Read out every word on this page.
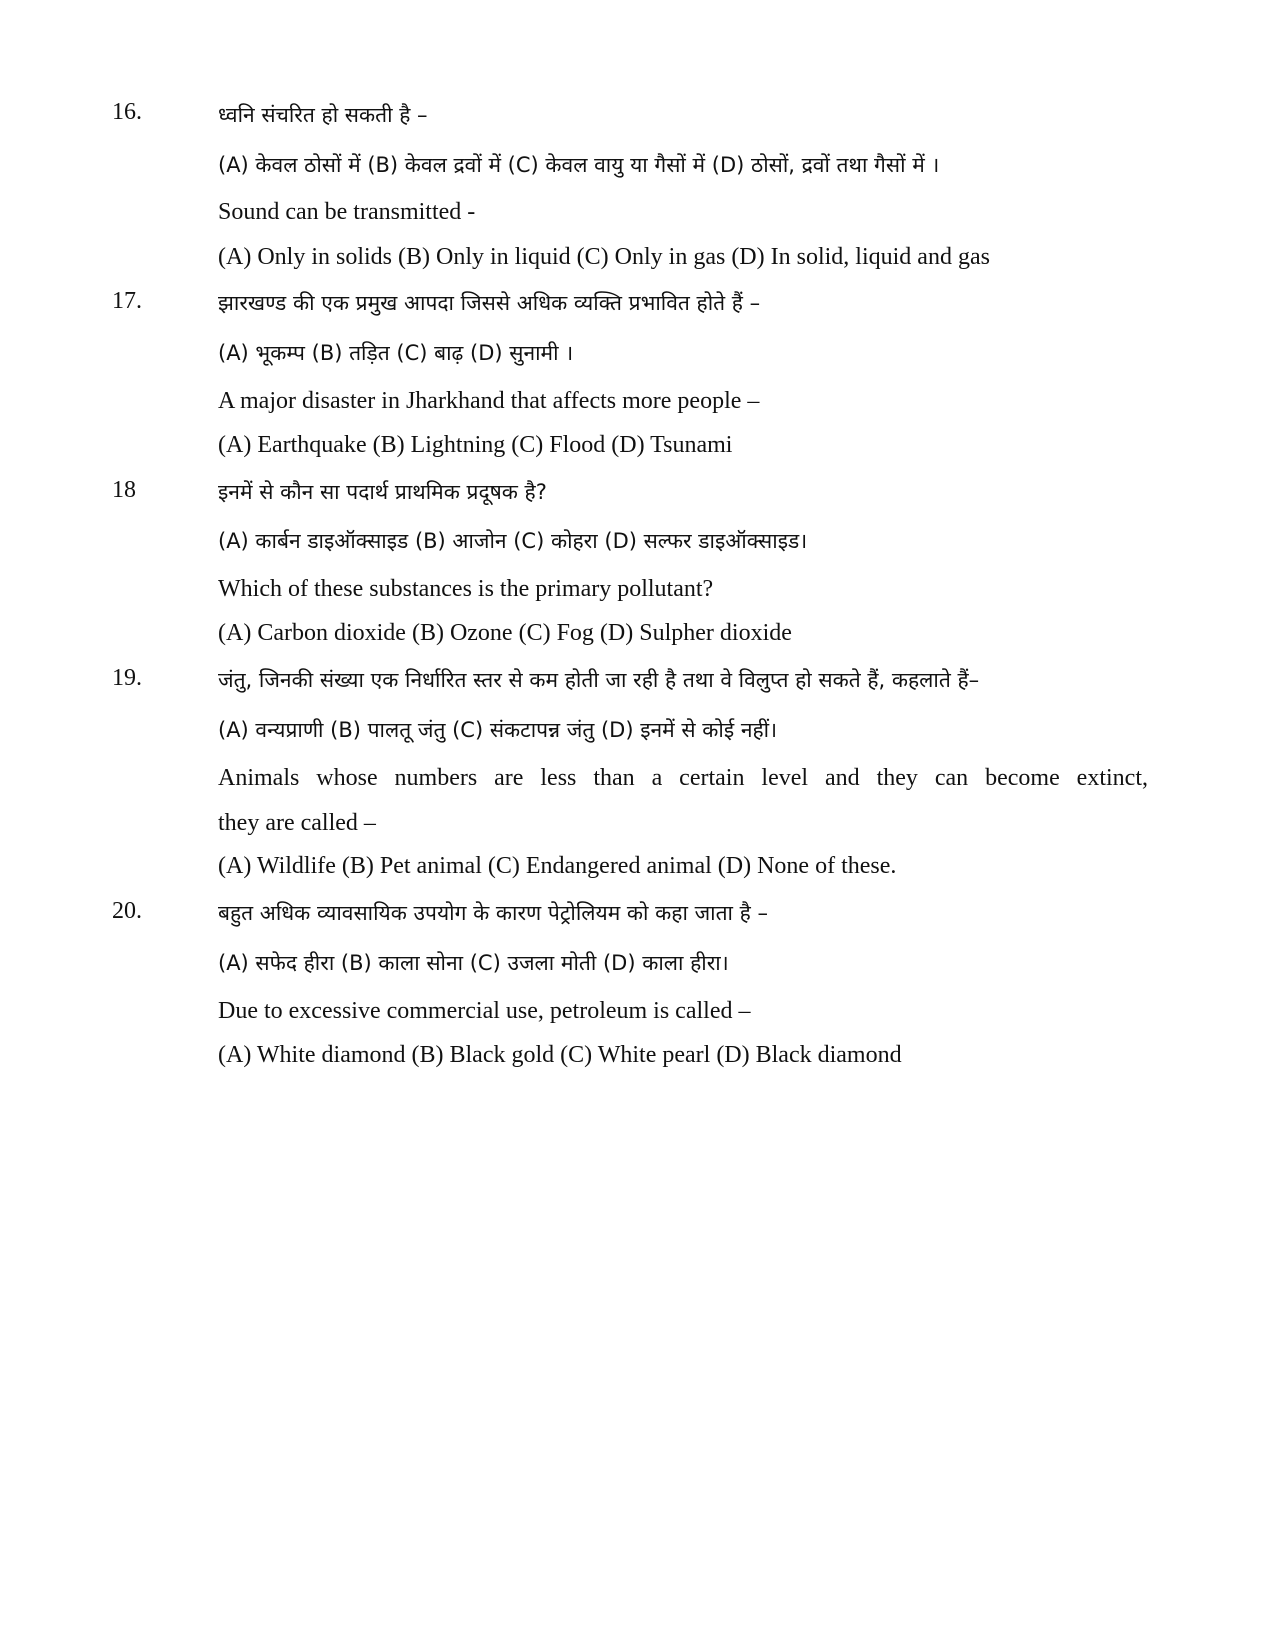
16.	ध्वनि संचरित हो सकती है –
(A) केवल ठोसों में (B) केवल द्रवों में (C) केवल वायु या गैसों में (D) ठोसों, द्रवों तथा गैसों में ।
Sound can be transmitted -
(A) Only in solids (B) Only in liquid (C) Only in gas (D) In solid, liquid and gas
17.	झारखण्ड की एक प्रमुख आपदा जिससे अधिक व्यक्ति प्रभावित होते हैं –
(A) भूकम्प (B) तड़ित (C) बाढ़ (D) सुनामी ।
A major disaster in Jharkhand that affects more people –
(A) Earthquake (B) Lightning (C) Flood (D) Tsunami
18	इनमें से कौन सा पदार्थ प्राथमिक प्रदूषक है?
(A) कार्बन डाइऑक्साइड (B) आजोन (C) कोहरा (D) सल्फर डाइऑक्साइड।
Which of these substances is the primary pollutant?
(A) Carbon dioxide (B) Ozone (C) Fog (D) Sulpher dioxide
19.	जंतु, जिनकी संख्या एक निर्धारित स्तर से कम होती जा रही है तथा वे विलुप्त हो सकते हैं, कहलाते हैं–
(A) वन्यप्राणी (B) पालतू जंतु (C) संकटापन्न जंतु (D) इनमें से कोई नहीं।
Animals whose numbers are less than a certain level and they can become extinct,
they are called –
(A) Wildlife (B) Pet animal (C) Endangered animal (D) None of these.
20.	बहुत अधिक व्यावसायिक उपयोग के कारण पेट्रोलियम को कहा जाता है –
(A) सफेद हीरा (B) काला सोना (C) उजला मोती (D) काला हीरा।
Due to excessive commercial use, petroleum is called –
(A) White diamond (B) Black gold (C) White pearl (D) Black diamond
